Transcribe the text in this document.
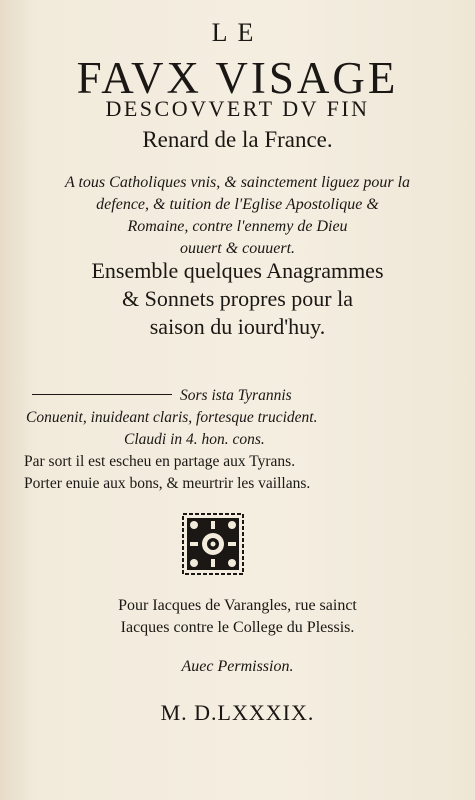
LE
FAVX VISAGE
DESCOVVERT DV FIN
Renard de la France.
A tous Catholiques vnis, & sainctement liguez pour la
defence, & tuition de l'Eglise Apostolique &
Romaine, contre l'ennemy de Dieu
ouuert & couuert.
Ensemble quelques Anagrammes
& Sonnets propres pour la
saison du iourd'huy.
Sors ista Tyrannis
Conuenit, inuideant claris, fortesque trucident.
Claudi in 4. hon. cons.
Par sort il est escheu en partage aux Tyrans.
Porter enuie aux bons, & meurtrir les vaillans.
Pour Iacques de Varangles, rue sainct
Iacques contre le College du Plessis.
Auec Permission.
M. D.LXXXIX.
